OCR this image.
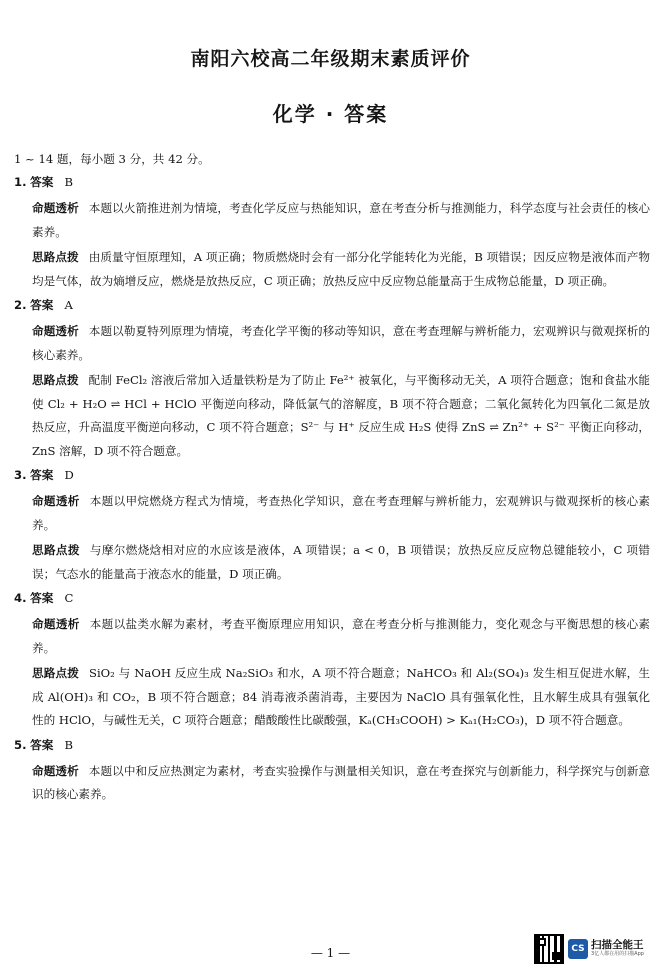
南阳六校高二年级期末素质评价
化学 · 答案
1 ~ 14 题，每小题 3 分，共 42 分。
1. 答案 B
命题透析 本题以火箭推进剂为情境，考查化学反应与热能知识，意在考查分析与推测能力，科学态度与社会责任的核心素养。
思路点拨 由质量守恒原理知，A 项正确；物质燃烧时会有一部分化学能转化为光能，B 项错误；因反应物是液体而产物均是气体，故为熵增反应，燃烧是放热反应，C 项正确；放热反应中反应物总能量高于生成物总能量，D 项正确。
2. 答案 A
命题透析 本题以勒夏特列原理为情境，考查化学平衡的移动等知识，意在考查理解与辨析能力，宏观辨识与微观探析的核心素养。
思路点拨 配制 FeCl₂ 溶液后常加入适量铁粉是为了防止 Fe²⁺ 被氧化，与平衡移动无关，A 项符合题意；饱和食盐水能使 Cl₂ + H₂O ⇌ HCl + HClO 平衡逆向移动，降低氯气的溶解度，B 项不符合题意；二氧化氮转化为四氧化二氮是放热反应，升高温度平衡逆向移动，C 项不符合题意；S²⁻ 与 H⁺ 反应生成 H₂S 使得 ZnS ⇌ Zn²⁺ + S²⁻ 平衡正向移动，ZnS 溶解，D 项不符合题意。
3. 答案 D
命题透析 本题以甲烷燃烧方程式为情境，考查热化学知识，意在考查理解与辨析能力，宏观辨识与微观探析的核心素养。
思路点拨 与摩尔燃烧焓相对应的水应该是液体，A 项错误；a < 0，B 项错误；放热反应反应物总键能较小，C 项错误；气态水的能量高于液态水的能量，D 项正确。
4. 答案 C
命题透析 本题以盐类水解为素材，考查平衡原理应用知识，意在考查分析与推测能力，变化观念与平衡思想的核心素养。
思路点拨 SiO₂ 与 NaOH 反应生成 Na₂SiO₃ 和水，A 项不符合题意；NaHCO₃ 和 Al₂(SO₄)₃ 发生相互促进水解，生成 Al(OH)₃ 和 CO₂，B 项不符合题意；84 消毒液杀菌消毒，主要因为 NaClO 具有强氧化性，且水解生成具有强氧化性的 HClO，与碱性无关，C 项符合题意；醋酸酸性比碳酸强，Kₐ(CH₃COOH) > Kₐ₁(H₂CO₃)，D 项不符合题意。
5. 答案 B
命题透析 本题以中和反应热测定为素材，考查实验操作与测量相关知识，意在考查探究与创新能力，科学探究与创新意识的核心素养。
— 1 —	CS 扫描全能王
3亿人都在用的扫描App
